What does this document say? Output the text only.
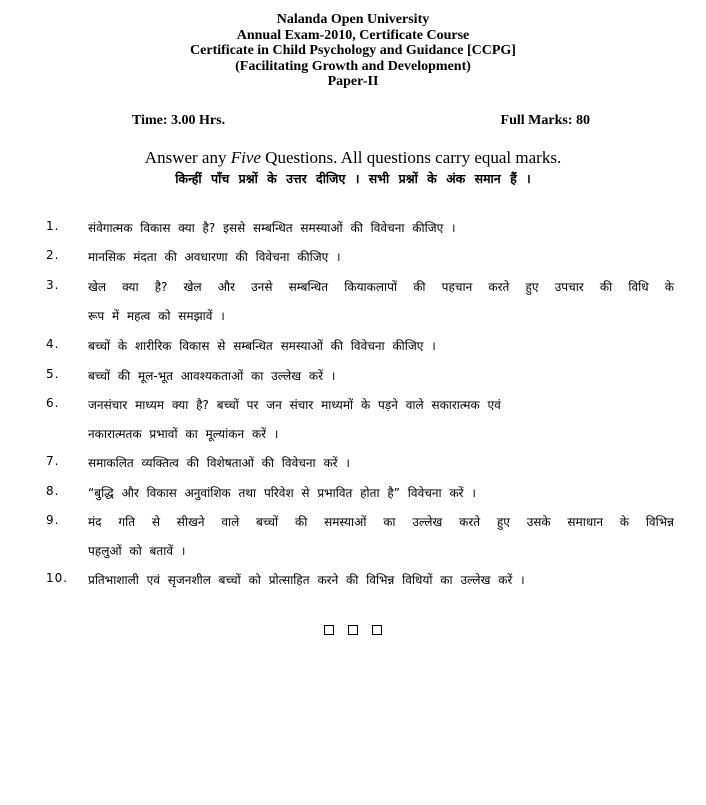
Nalanda Open University
Annual Exam-2010, Certificate Course
Certificate in Child Psychology and Guidance [CCPG]
(Facilitating Growth and Development)
Paper-II
Time: 3.00 Hrs.	Full Marks: 80
Answer any Five Questions. All questions carry equal marks.
किन्हीं पाँच प्रश्नों के उत्तर दीजिए । सभी प्रश्नों के अंक समान हैं ।
1. संवेगात्मक विकास क्या है? इससे सम्बन्धित समस्याओं की विवेचना कीजिए ।
2. मानसिक मंदता की अवधारणा की विवेचना कीजिए ।
3. खेल क्या है? खेल और उनसे सम्बन्धित कियाकलापों की पहचान करते हुए उपचार की विधि के
रूप में महत्व को समझावें ।
4. बच्चों के शारीरिक विकास से सम्बन्धित समस्याओं की विवेचना कीजिए ।
5. बच्चों की मूल-भूत आवश्यकताओं का उल्लेख करें ।
6. जनसंचार माध्यम क्या है? बच्चों पर जन संचार माध्यमों के पड़ने वाले सकारात्मक एवं
नकारात्मतक प्रभावों का मूल्यांकन करें ।
7. समाकलित व्यक्तित्व की विशेषताओं की विवेचना करें ।
8. “बुद्धि और विकास अनुवांशिक तथा परिवेश से प्रभावित होता है” विवेचना करें ।
9. मंद गति से सीखने वाले बच्चों की समस्याओं का उल्लेख करते हुए उसके समाधान के विभिन्न
पहलुओं को बतावें ।
10. प्रतिभाशाली एवं सृजनशील बच्चों को प्रोत्साहित करने की विभिन्न विधियों का उल्लेख करें ।
